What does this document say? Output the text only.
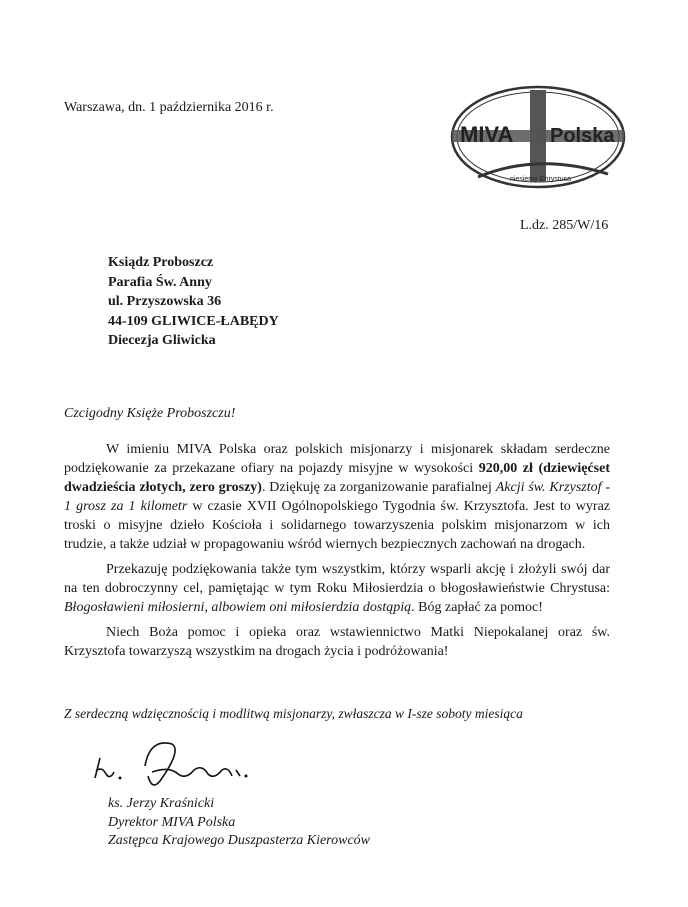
Warszawa, dn. 1 października 2016 r.
MIVA Polska
niesiemy Chrystusa
L.dz. 285/W/16
Ksiądz Proboszcz
Parafia Św. Anny
ul. Przyszowska 36
44-109 GLIWICE-ŁABĘDY
Diecezja Gliwicka
Czcigodny Księże Proboszczu!

W imieniu MIVA Polska oraz polskich misjonarzy i misjonarek składam serdeczne podziękowanie za przekazane ofiary na pojazdy misyjne w wysokości 920,00 zł (dziewięćset dwadzieścia złotych, zero groszy). Dziękuję za zorganizowanie parafialnej Akcji św. Krzysztof - 1 grosz za 1 kilometr w czasie XVII Ogólnopolskiego Tygodnia św. Krzysztofa. Jest to wyraz troski o misyjne dzieło Kościoła i solidarnego towarzyszenia polskim misjonarzom w ich trudzie, a także udział w propagowaniu wśród wiernych bezpiecznych zachowań na drogach.

Przekazuję podziękowania także tym wszystkim, którzy wsparli akcję i złożyli swój dar na ten dobroczynny cel, pamiętając w tym Roku Miłosierdzia o błogosławieństwie Chrystusa: Błogosławieni miłosierni, albowiem oni miłosierdzia dostąpią. Bóg zapłać za pomoc!

Niech Boża pomoc i opieka oraz wstawiennictwo Matki Niepokalanej oraz św. Krzysztofa towarzyszą wszystkim na drogach życia i podróżowania!

Z serdeczną wdzięcznością i modlitwą misjonarzy, zwłaszcza w I-sze soboty miesiąca
ks. Jerzy Kraśnicki
Dyrektor MIVA Polska
Zastępca Krajowego Duszpasterza Kierowców
